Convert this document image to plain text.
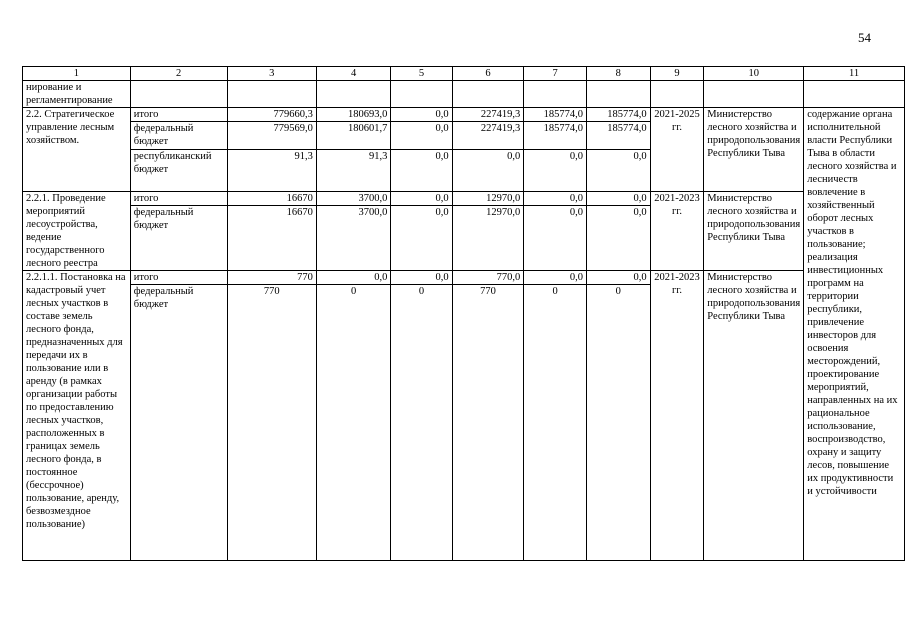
54
1	2	3	4	5	6	7	8	9	10	11
нирование и регламентирование										
2.2. Стратегическое управление лесным хозяйством.	итого	779660,3	180693,0	0,0	227419,3	185774,0	185774,0	2021-2025 гг.	Министерство лесного хозяйства и природопользования Республики Тыва	содержание органа исполнительной власти Республики Тыва в области лесного хозяйства и лесничеств вовлечение в хозяйственный оборот лесных участков в пользование; реализация инвестиционных программ на территории республики, привлечение инвесторов для освоения месторождений, проектирование мероприятий, направленных на их рациональное использование, воспроизводство, охрану и защиту лесов, повышение их продуктивности и устойчивости
	федеральный бюджет	779569,0	180601,7	0,0	227419,3	185774,0	185774,0			
	республиканский бюджет	91,3	91,3	0,0	0,0	0,0	0,0			
2.2.1. Проведение мероприятий лесоустройства, ведение государственного лесного реестра	итого	16670	3700,0	0,0	12970,0	0,0	0,0	2021-2023 гг.	Министерство лесного хозяйства и природопользования Республики Тыва	
	федеральный бюджет	16670	3700,0	0,0	12970,0	0,0	0,0			
2.2.1.1. Постановка на кадастровый учет лесных участков в составе земель лесного фонда, предназначенных для передачи их в пользование или в аренду (в рамках организации работы по предоставлению лесных участков, расположенных в границах земель лесного фонда, в постоянное (бессрочное) пользование, аренду, безвозмездное пользование)	итого	770	0,0	0,0	770,0	0,0	0,0	2021-2023 гг.	Министерство лесного хозяйства и природопользования Республики Тыва	
	федеральный бюджет	770	0	0	770	0	0			
